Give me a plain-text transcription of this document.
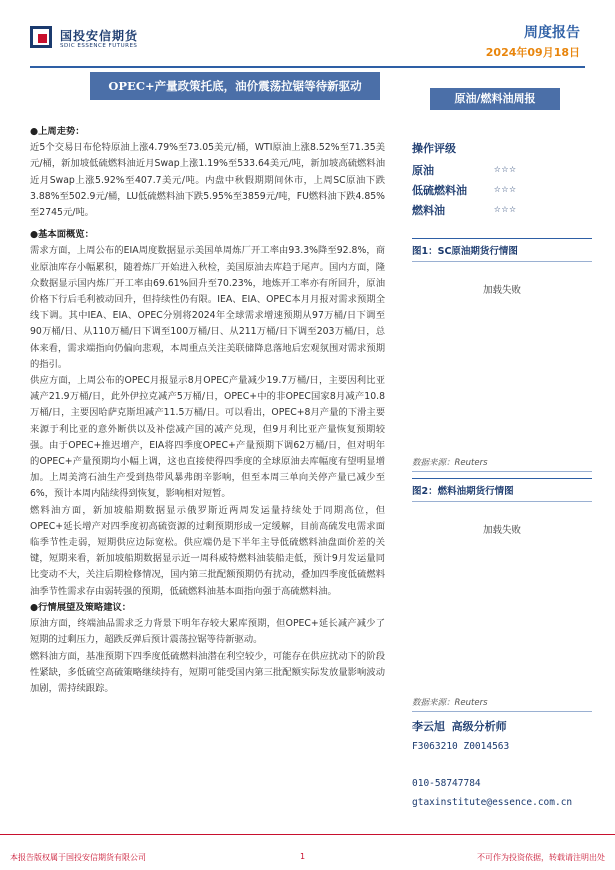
国投安信期货
SDIC ESSENCE FUTURES
周度报告
2024年09月18日
OPEC+产量政策托底，油价震荡拉锯等待新驱动
原油/燃料油周报

●上周走势：

近5个交易日布伦特原油上涨4.79%至73.05美元/桶，WTI原油上涨8.52%至71.35美元/桶，新加坡低硫燃料油近月Swap上涨1.19%至533.64美元/吨，新加坡高硫燃料油近月Swap上涨5.92%至407.7美元/吨。内盘中秋假期期间休市，上周SC原油下跌3.88%至502.9元/桶，LU低硫燃料油下跌5.95%至3859元/吨，FU燃料油下跌4.85%至2745元/吨。

●基本面概览：

需求方面，上周公布的EIA周度数据显示美国单周炼厂开工率由93.3%降至92.8%，商业原油库存小幅累积，随着炼厂开始进入秋检，美国原油去库趋于尾声。国内方面，隆众数据显示国内炼厂开工率由69.61%回升至70.23%，地炼开工率亦有所回升，原油价格下行后毛利被动回升，但持续性仍有限。IEA、EIA、OPEC本月月报对需求预期全线下调。其中IEA、EIA、OPEC分别将2024年全球需求增速预期从97万桶/日下调至90万桶/日、从110万桶/日下调至100万桶/日、从211万桶/日下调至203万桶/日，总体来看，需求端指向仍偏向悲观，本周重点关注美联储降息落地后宏观氛围对需求预期的指引。

供应方面，上周公布的OPEC月报显示8月OPEC产量减少19.7万桶/日，主要因利比亚减产21.9万桶/日，此外伊拉克减产5万桶/日，OPEC+中的非OPEC国家8月减产10.8万桶/日，主要因哈萨克斯坦减产11.5万桶/日。可以看出，OPEC+8月产量的下滑主要来源于利比亚的意外断供以及补偿减产国的减产兑现，但9月利比亚产量恢复预期较强。由于OPEC+推迟增产，EIA将四季度OPEC+产量预期下调62万桶/日，但对明年的OPEC+产量预期均小幅上调，这也直接使得四季度的全球原油去库幅度有望明显增加。上周美湾石油生产受到热带风暴弗朗辛影响，但至本周三单向关停产量已减少至6%，预计本周内陆续得到恢复，影响相对短暂。

燃料油方面，新加坡船期数据显示俄罗斯近两周发运量持续处于同期高位，但OPEC+延长增产对四季度初高硫资源的过剩预期形成一定缓解，目前高硫发电需求面临季节性走弱，短期供应边际宽松。供应端仍是下半年主导低硫燃料油盘面价差的关键，短期来看，新加坡船期数据显示近一周科威特燃料油装船走低，预计9月发运量同比变动不大，关注后期检修情况，国内第三批配额预期仍有扰动，叠加四季度低硫燃料油季节性需求存由弱转强的预期，低硫燃料油基本面指向强于高硫燃料油。

●行情展望及策略建议：

原油方面，终端油品需求乏力背景下明年存较大累库预期，但OPEC+延长减产减少了短期的过剩压力，超跌反弹后预计震荡拉锯等待新驱动。

燃料油方面，基准预期下四季度低硫燃料油潜在利空较少，可能存在供应扰动下的阶段性紧缺，多低硫空高硫策略继续持有，短期可能受国内第三批配额实际发放量影响波动加剧，需持续跟踪。

操作评级
原油	☆☆☆
低硫燃料油	☆☆☆
燃料油	☆☆☆
图1：SC原油期货行情图
加载失败
数据来源：Reuters
图2：燃料油期货行情图
加载失败
数据来源：Reuters
李云旭 高级分析师
F3063210 Z0014563
010-58747784
gtaxinstitute@essence.com.cn
本报告版权属于国投安信期货有限公司	1	不可作为投资依据，转载请注明出处
